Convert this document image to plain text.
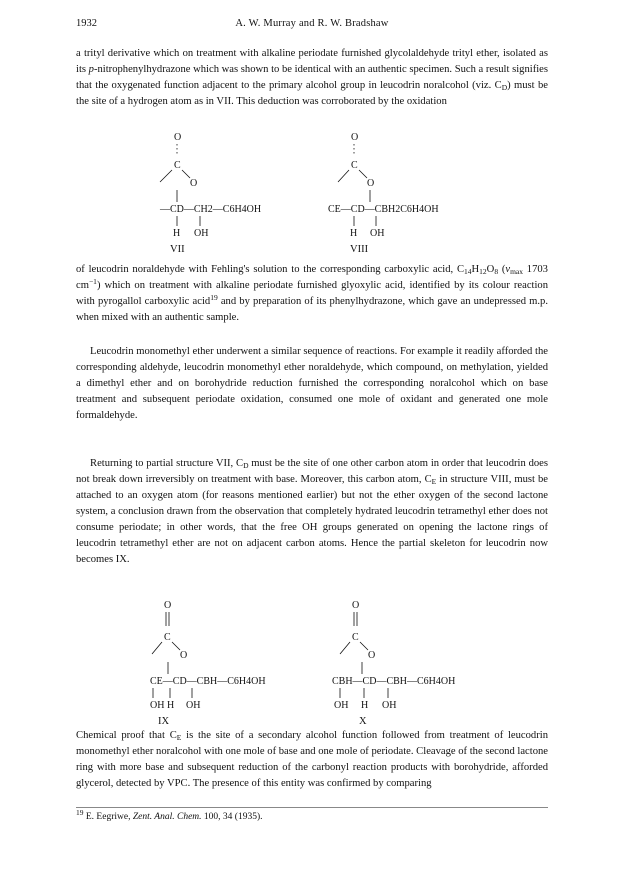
1932	A. W. Murray and R. W. Bradshaw

a trityl derivative which on treatment with alkaline periodate furnished glycolaldehyde trityl ether, isolated as its p-nitrophenylhydrazone which was shown to be identical with an authentic specimen. Such a result signifies that the oxygenated function adjacent to the primary alcohol group in leucodrin noralcohol (viz. $C_D$) must be the site of a hydrogen atom as in VII. This deduction was corroborated by the oxidation

O
C
O
—CD—CH2—C6H4OH
H OH
VII
O
C
O
CE—CD—CBH2C6H4OH
H OH
VIII

of leucodrin noraldehyde with Fehling's solution to the corresponding carboxylic acid, $C_{14}H_{12}O_8$ ($\nu_{max}$ 1703 $cm^{-1}$) which on treatment with alkaline periodate furnished glyoxylic acid, identified by its colour reaction with pyrogallol carboxylic acid$^{19}$ and by preparation of its phenylhydrazone, which gave an undepressed m.p. when mixed with an authentic sample.

Leucodrin monomethyl ether underwent a similar sequence of reactions. For example it readily afforded the corresponding aldehyde, leucodrin monomethyl ether noraldehyde, which compound, on methylation, yielded a dimethyl ether and on borohydride reduction furnished the corresponding noralcohol which on base treatment and subsequent periodate oxidation, consumed one mole of oxidant and generated one mole formaldehyde.

Returning to partial structure VII, $C_D$ must be the site of one other carbon atom in order that leucodrin does not break down irreversibly on treatment with base. Moreover, this carbon atom, $C_E$ in structure VIII, must be attached to an oxygen atom (for reasons mentioned earlier) but not the ether oxygen of the second lactone system, a conclusion drawn from the observation that completely hydrated leucodrin tetramethyl ether does not consume periodate; in other words, that the free OH groups generated on opening the lactone rings of leucodrin tetramethyl ether are not on adjacent carbon atoms. Hence the partial skeleton for leucodrin now becomes IX.

O
C
O
CE—CD—CBH—C6H4OH
OH H OH
IX
O
C
O
CBH—CD—CBH—C6H4OH
OH H OH
X

Chemical proof that $C_E$ is the site of a secondary alcohol function followed from treatment of leucodrin monomethyl ether noralcohol with one mole of base and one mole of periodate. Cleavage of the second lactone ring with more base and subsequent reduction of the carbonyl reaction products with borohydride, afforded glycerol, detected by VPC. The presence of this entity was confirmed by comparing

$^{19}$ E. Eegriwe, Zent. Anal. Chem. 100, 34 (1935).
